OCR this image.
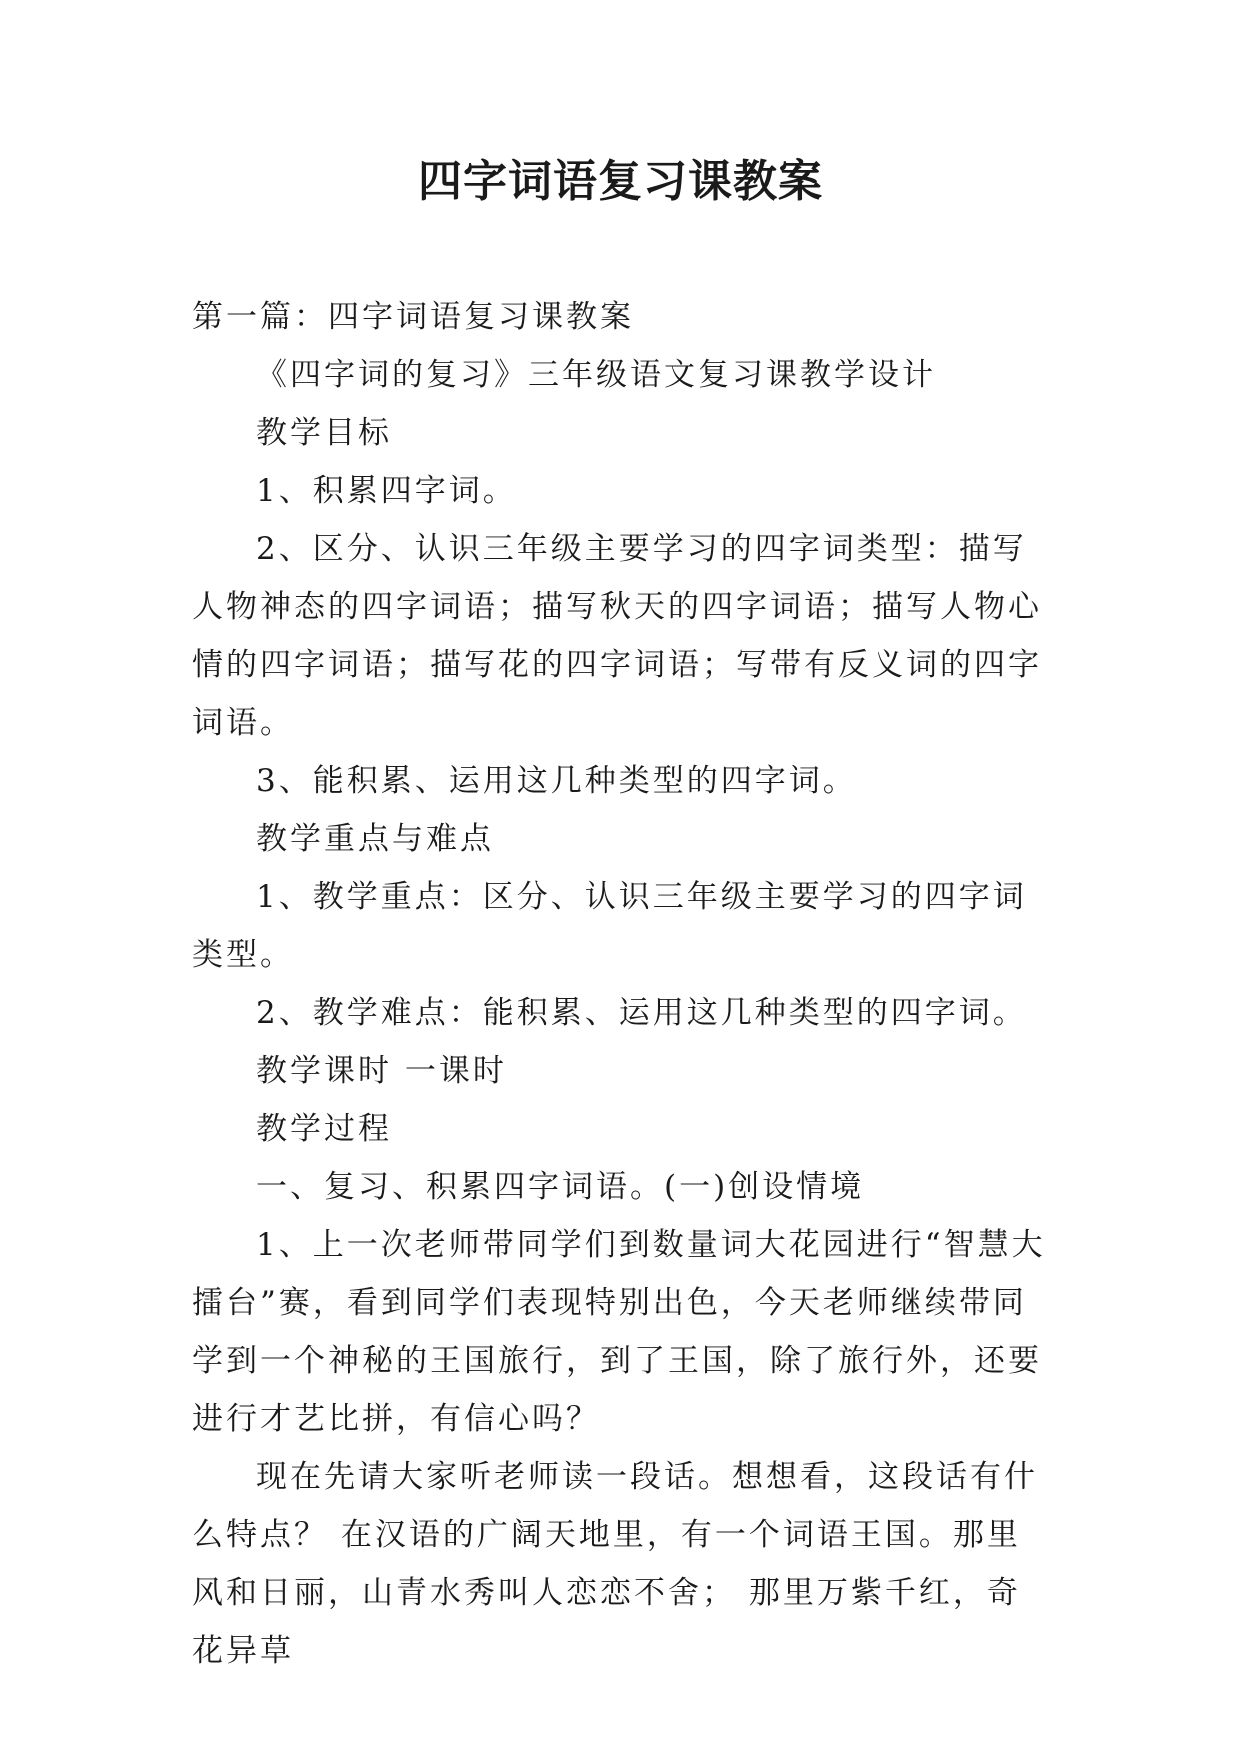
四字词语复习课教案

第一篇：四字词语复习课教案

《四字词的复习》三年级语文复习课教学设计

教学目标

1、积累四字词。

2、区分、认识三年级主要学习的四字词类型：描写人物神态的四字词语；描写秋天的四字词语；描写人物心情的四字词语；描写花的四字词语；写带有反义词的四字词语。

3、能积累、运用这几种类型的四字词。

教学重点与难点

1、教学重点：区分、认识三年级主要学习的四字词类型。

2、教学难点：能积累、运用这几种类型的四字词。

教学课时 一课时

教学过程

一、复习、积累四字词语。(一)创设情境

1、上一次老师带同学们到数量词大花园进行“智慧大擂台”赛，看到同学们表现特别出色，今天老师继续带同学到一个神秘的王国旅行，到了王国，除了旅行外，还要进行才艺比拼，有信心吗？

现在先请大家听老师读一段话。想想看，这段话有什么特点？ 在汉语的广阔天地里，有一个词语王国。那里风和日丽，山青水秀叫人恋恋不舍； 那里万紫千红，奇花异草
